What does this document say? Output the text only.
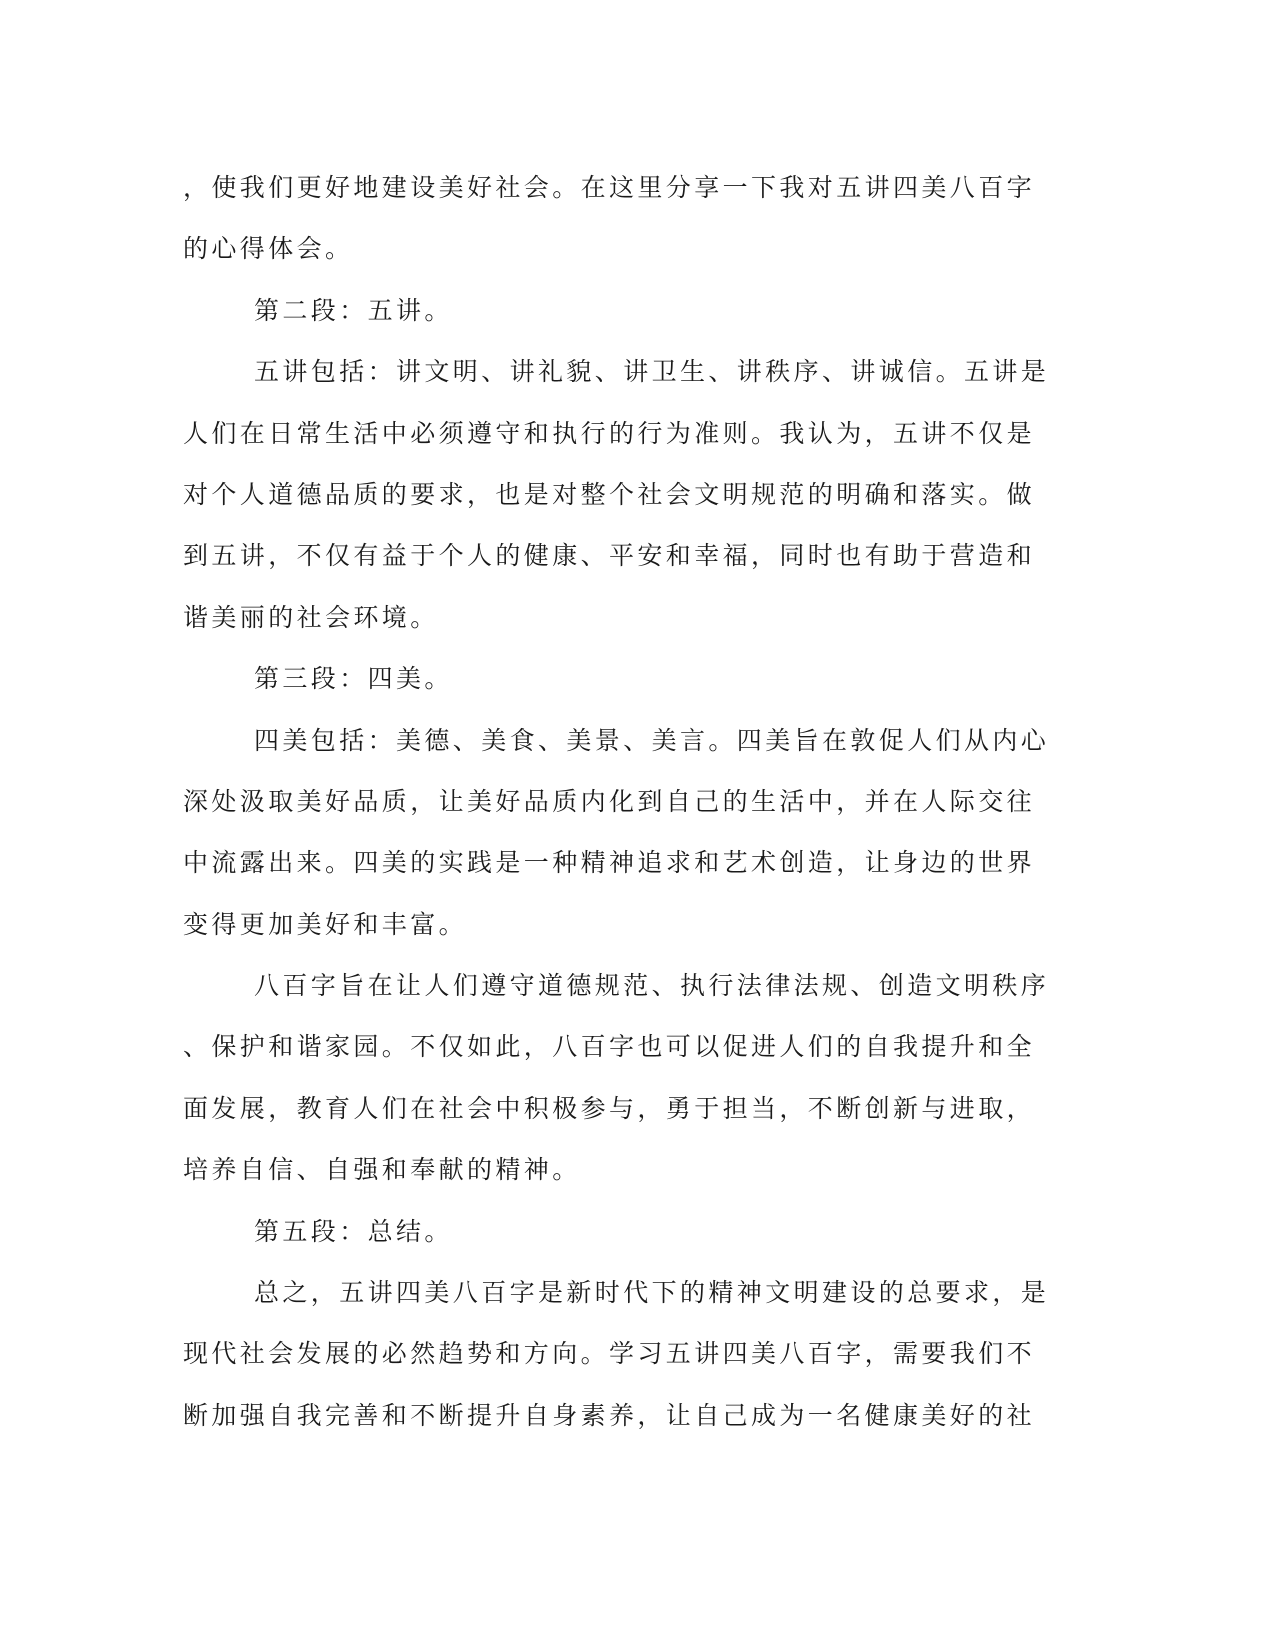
，使我们更好地建设美好社会。在这里分享一下我对五讲四美八百字
的心得体会。
第二段：五讲。
五讲包括：讲文明、讲礼貌、讲卫生、讲秩序、讲诚信。五讲是
人们在日常生活中必须遵守和执行的行为准则。我认为，五讲不仅是
对个人道德品质的要求，也是对整个社会文明规范的明确和落实。做
到五讲，不仅有益于个人的健康、平安和幸福，同时也有助于营造和
谐美丽的社会环境。
第三段：四美。
四美包括：美德、美食、美景、美言。四美旨在敦促人们从内心
深处汲取美好品质，让美好品质内化到自己的生活中，并在人际交往
中流露出来。四美的实践是一种精神追求和艺术创造，让身边的世界
变得更加美好和丰富。
八百字旨在让人们遵守道德规范、执行法律法规、创造文明秩序
、保护和谐家园。不仅如此，八百字也可以促进人们的自我提升和全
面发展，教育人们在社会中积极参与，勇于担当，不断创新与进取，
培养自信、自强和奉献的精神。
第五段：总结。
总之，五讲四美八百字是新时代下的精神文明建设的总要求，是
现代社会发展的必然趋势和方向。学习五讲四美八百字，需要我们不
断加强自我完善和不断提升自身素养，让自己成为一名健康美好的社
